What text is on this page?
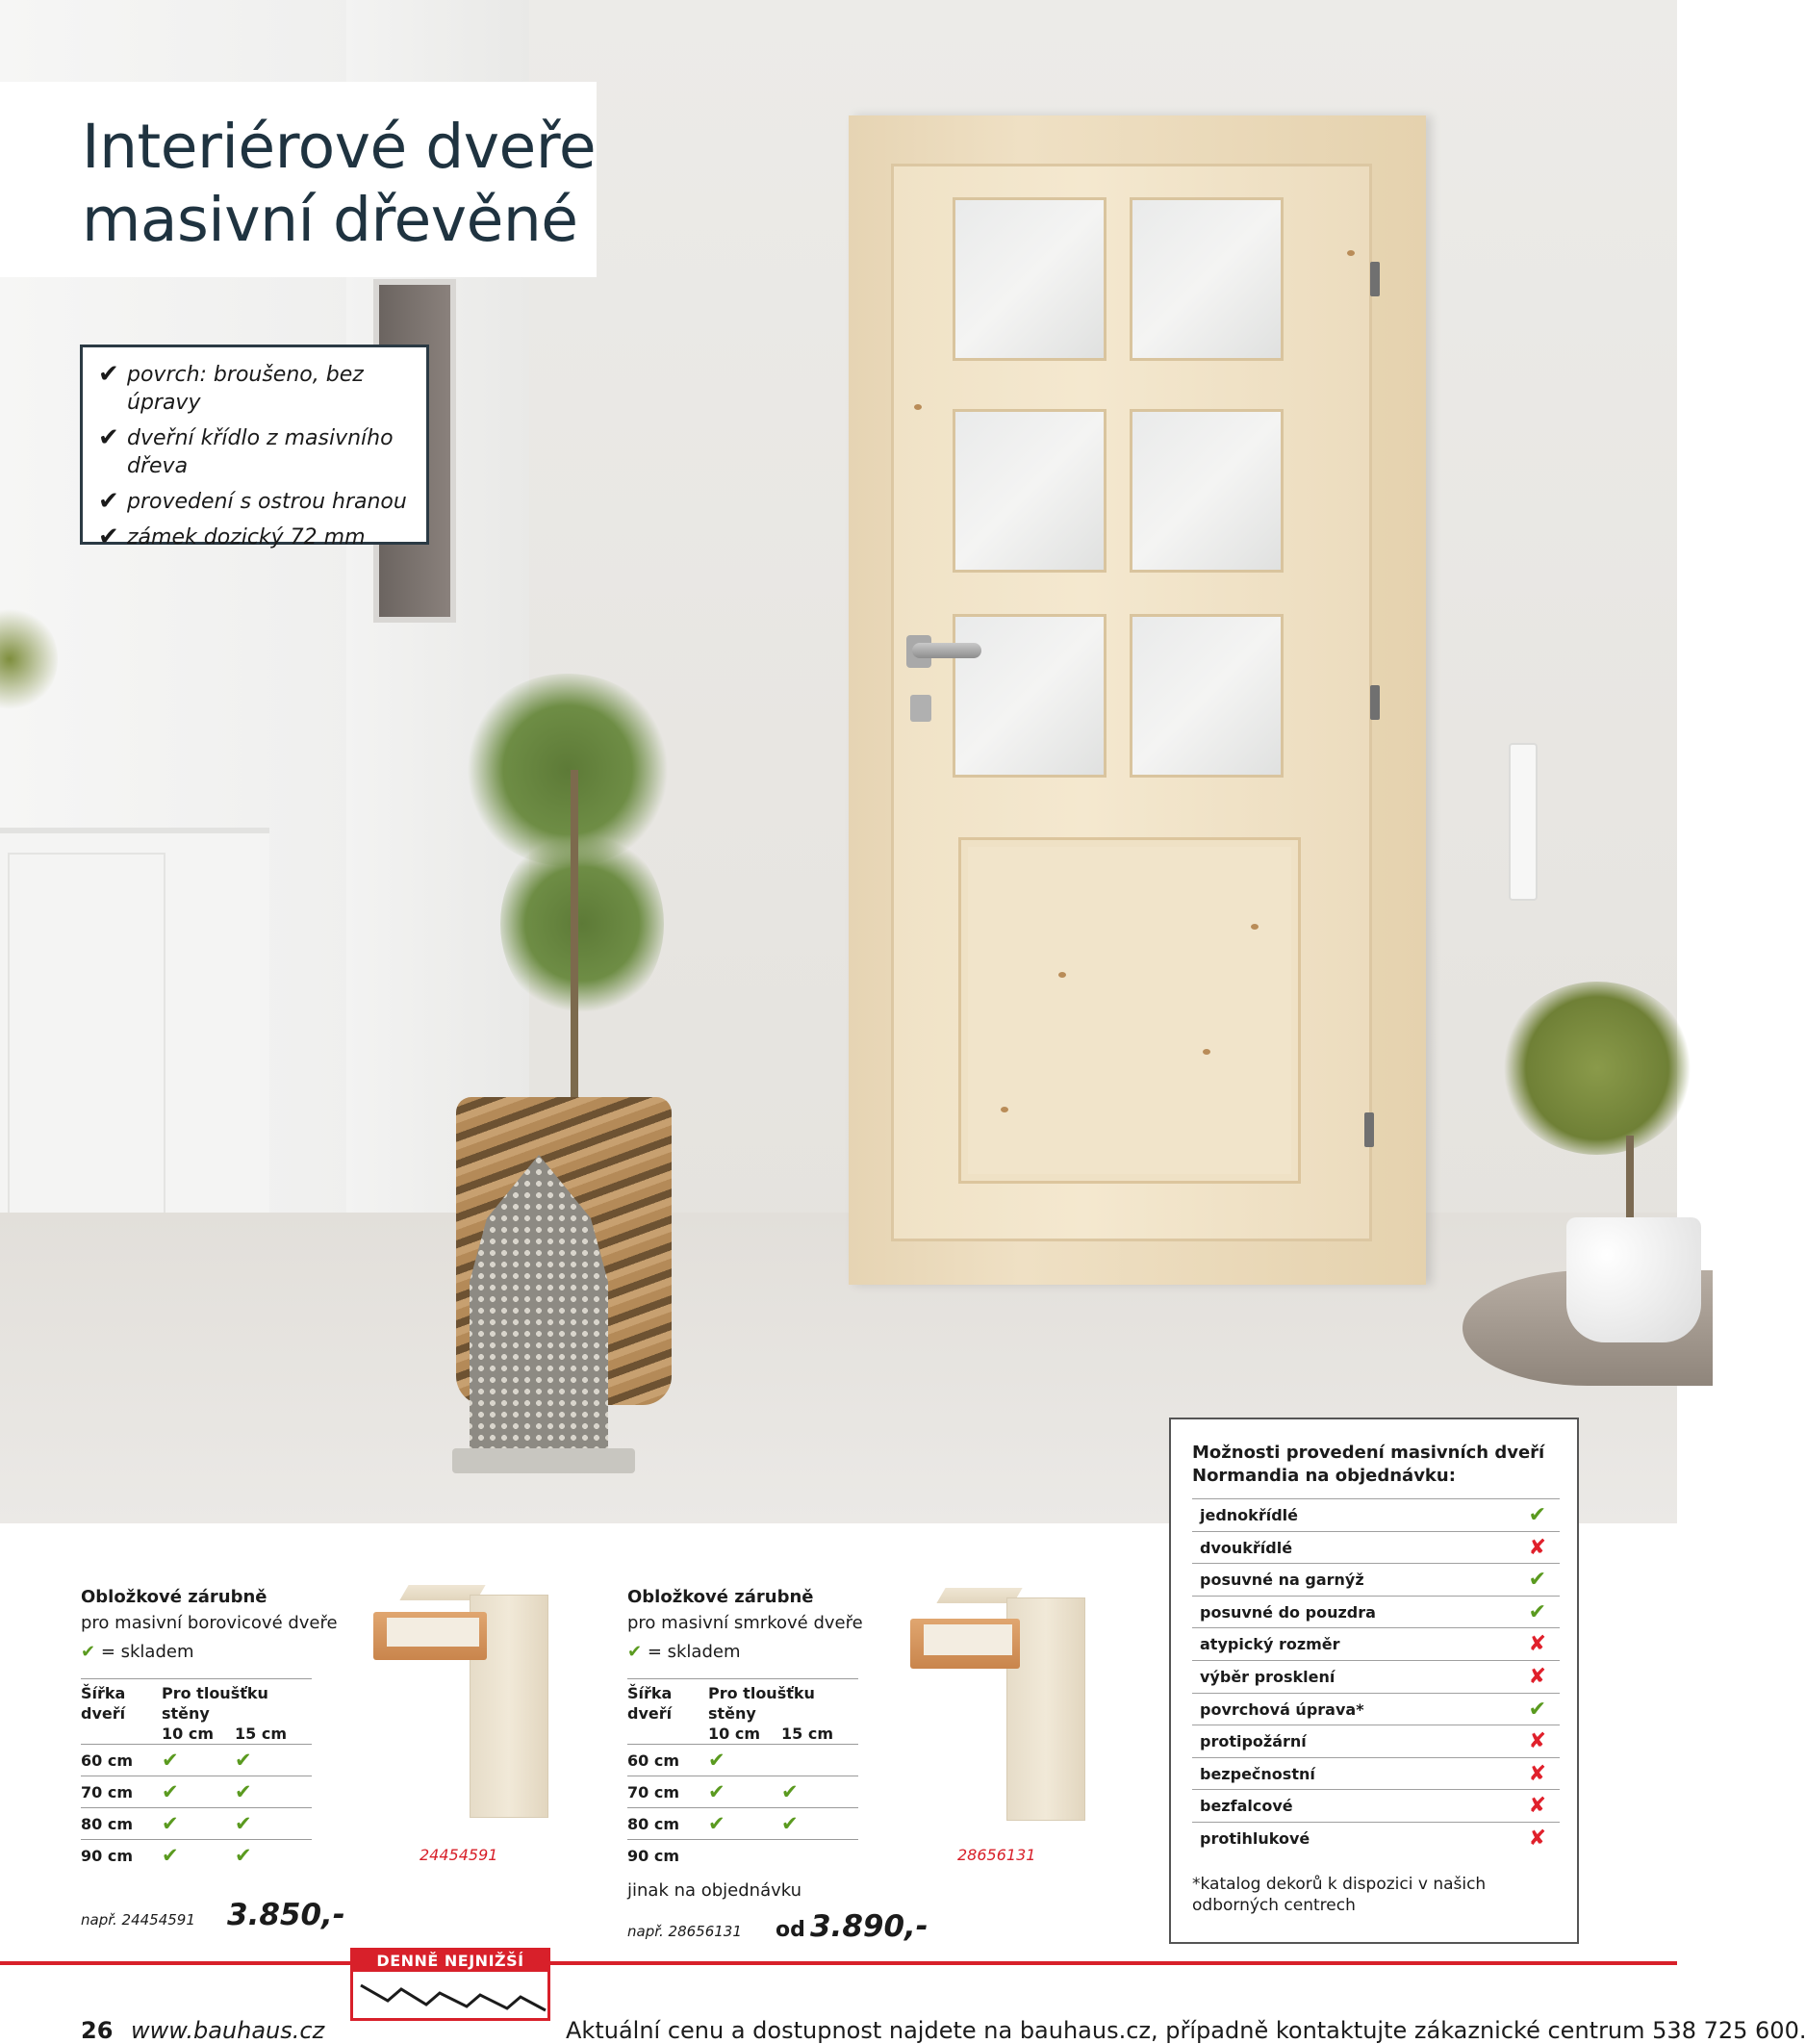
Interiérové dveře
masivní dřevěné
✔ povrch: broušeno, bez úpravy
✔ dveřní křídlo z masivního dřeva
✔ provedení s ostrou hranou
✔ zámek dozický 72 mm

Obložkové zárubně

pro masivní borovicové dveře

✔ = skladem

Šířka dveří	Pro tloušťku stěny	
	10 cm	15 cm
60 cm	✔	✔
70 cm	✔	✔
80 cm	✔	✔
90 cm	✔	✔
např. 24454591 3.850,-
24454591

Obložkové zárubně

pro masivní smrkové dveře

✔ = skladem

Šířka dveří	Pro tloušťku stěny	
	10 cm	15 cm
60 cm	✔	
70 cm	✔	✔
80 cm	✔	✔
90 cm		
jinak na objednávku
např. 28656131 od 3.890,-
28656131
Možnosti provedení masivních dveří
Normandia na objednávku:
jednokřídlé	✔
dvoukřídlé	✘
posuvné na garnýž	✔
posuvné do pouzdra	✔
atypický rozměr	✘
výběr prosklení	✘
povrchová úprava*	✔
protipožární	✘
bezpečnostní	✘
bezfalcové	✘
protihlukové	✘
*katalog dekorů k dispozici v našich odborných centrech
26 www.bauhaus.cz
DENNĚ NEJNIŽŠÍ CENY
Aktuální cenu a dostupnost najdete na bauhaus.cz, případně kontaktujte zákaznické centrum 538 725 600.
